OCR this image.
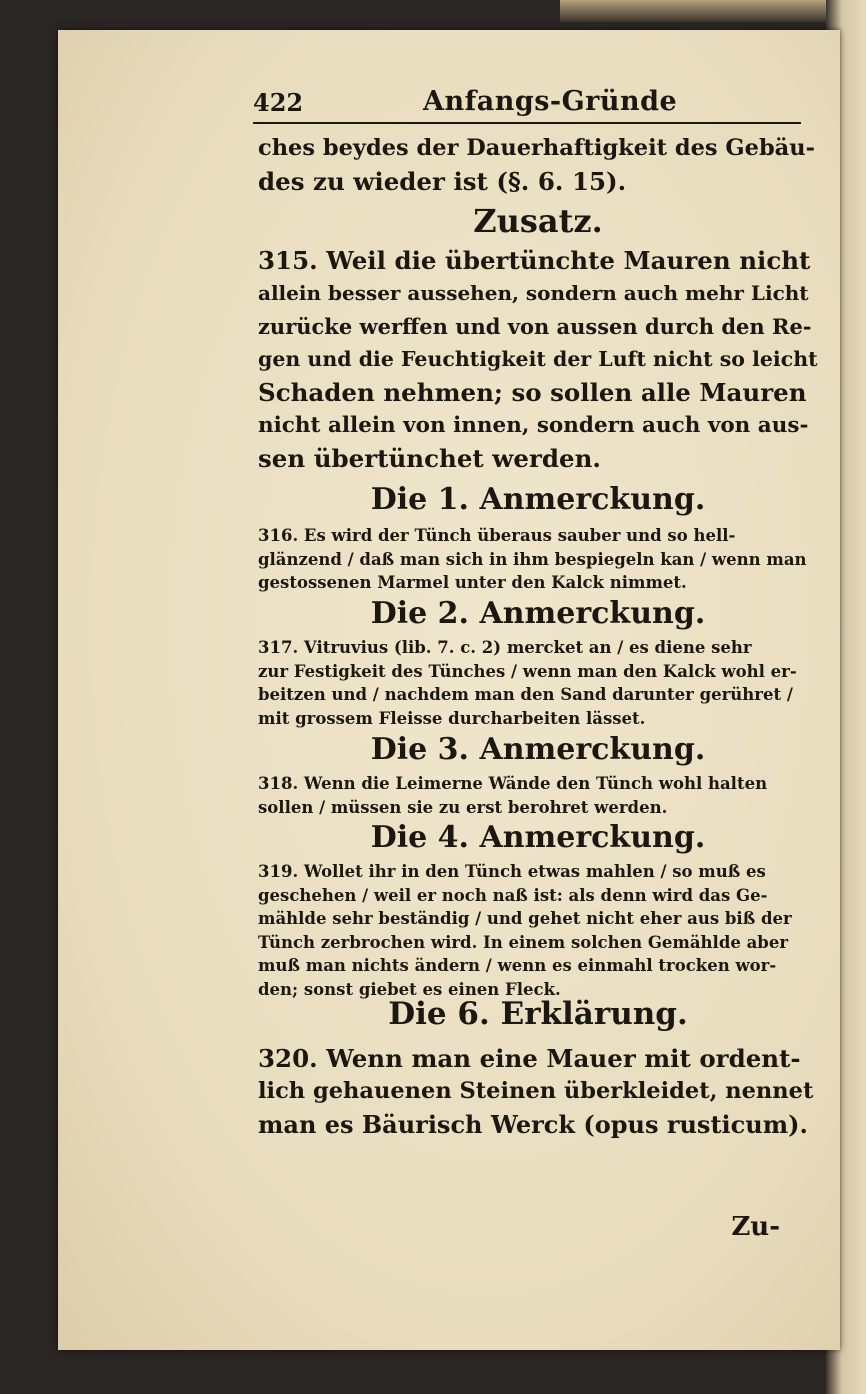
422	Anfangs-Gründe
ches beydes der Dauerhaftigkeit des Gebäu-
des zu wieder ist (§. 6. 15).
Zusatz.
315. Weil die übertünchte Mauren nicht
allein besser aussehen, sondern auch mehr Licht
zurücke werffen und von aussen durch den Re-
gen und die Feuchtigkeit der Luft nicht so leicht
Schaden nehmen; so sollen alle Mauren
nicht allein von innen, sondern auch von aus-
sen übertünchet werden.
Die 1. Anmerckung.
316. Es wird der Tünch überaus sauber und so hell-
glänzend / daß man sich in ihm bespiegeln kan / wenn man
gestossenen Marmel unter den Kalck nimmet.
Die 2. Anmerckung.
317. Vitruvius (lib. 7. c. 2) mercket an / es diene sehr
zur Festigkeit des Tünches / wenn man den Kalck wohl er-
beitzen und / nachdem man den Sand darunter gerühret /
mit grossem Fleisse durcharbeiten lässet.
Die 3. Anmerckung.
318. Wenn die Leimerne Wände den Tünch wohl halten
sollen / müssen sie zu erst berohret werden.
Die 4. Anmerckung.
319. Wollet ihr in den Tünch etwas mahlen / so muß es
geschehen / weil er noch naß ist: als denn wird das Ge-
mählde sehr beständig / und gehet nicht eher aus biß der
Tünch zerbrochen wird. In einem solchen Gemählde aber
muß man nichts ändern / wenn es einmahl trocken wor-
den; sonst giebet es einen Fleck.
Die 6. Erklärung.
320. Wenn man eine Mauer mit ordent-
lich gehauenen Steinen überkleidet, nennet
man es Bäurisch Werck (opus rusticum).
Zu-
